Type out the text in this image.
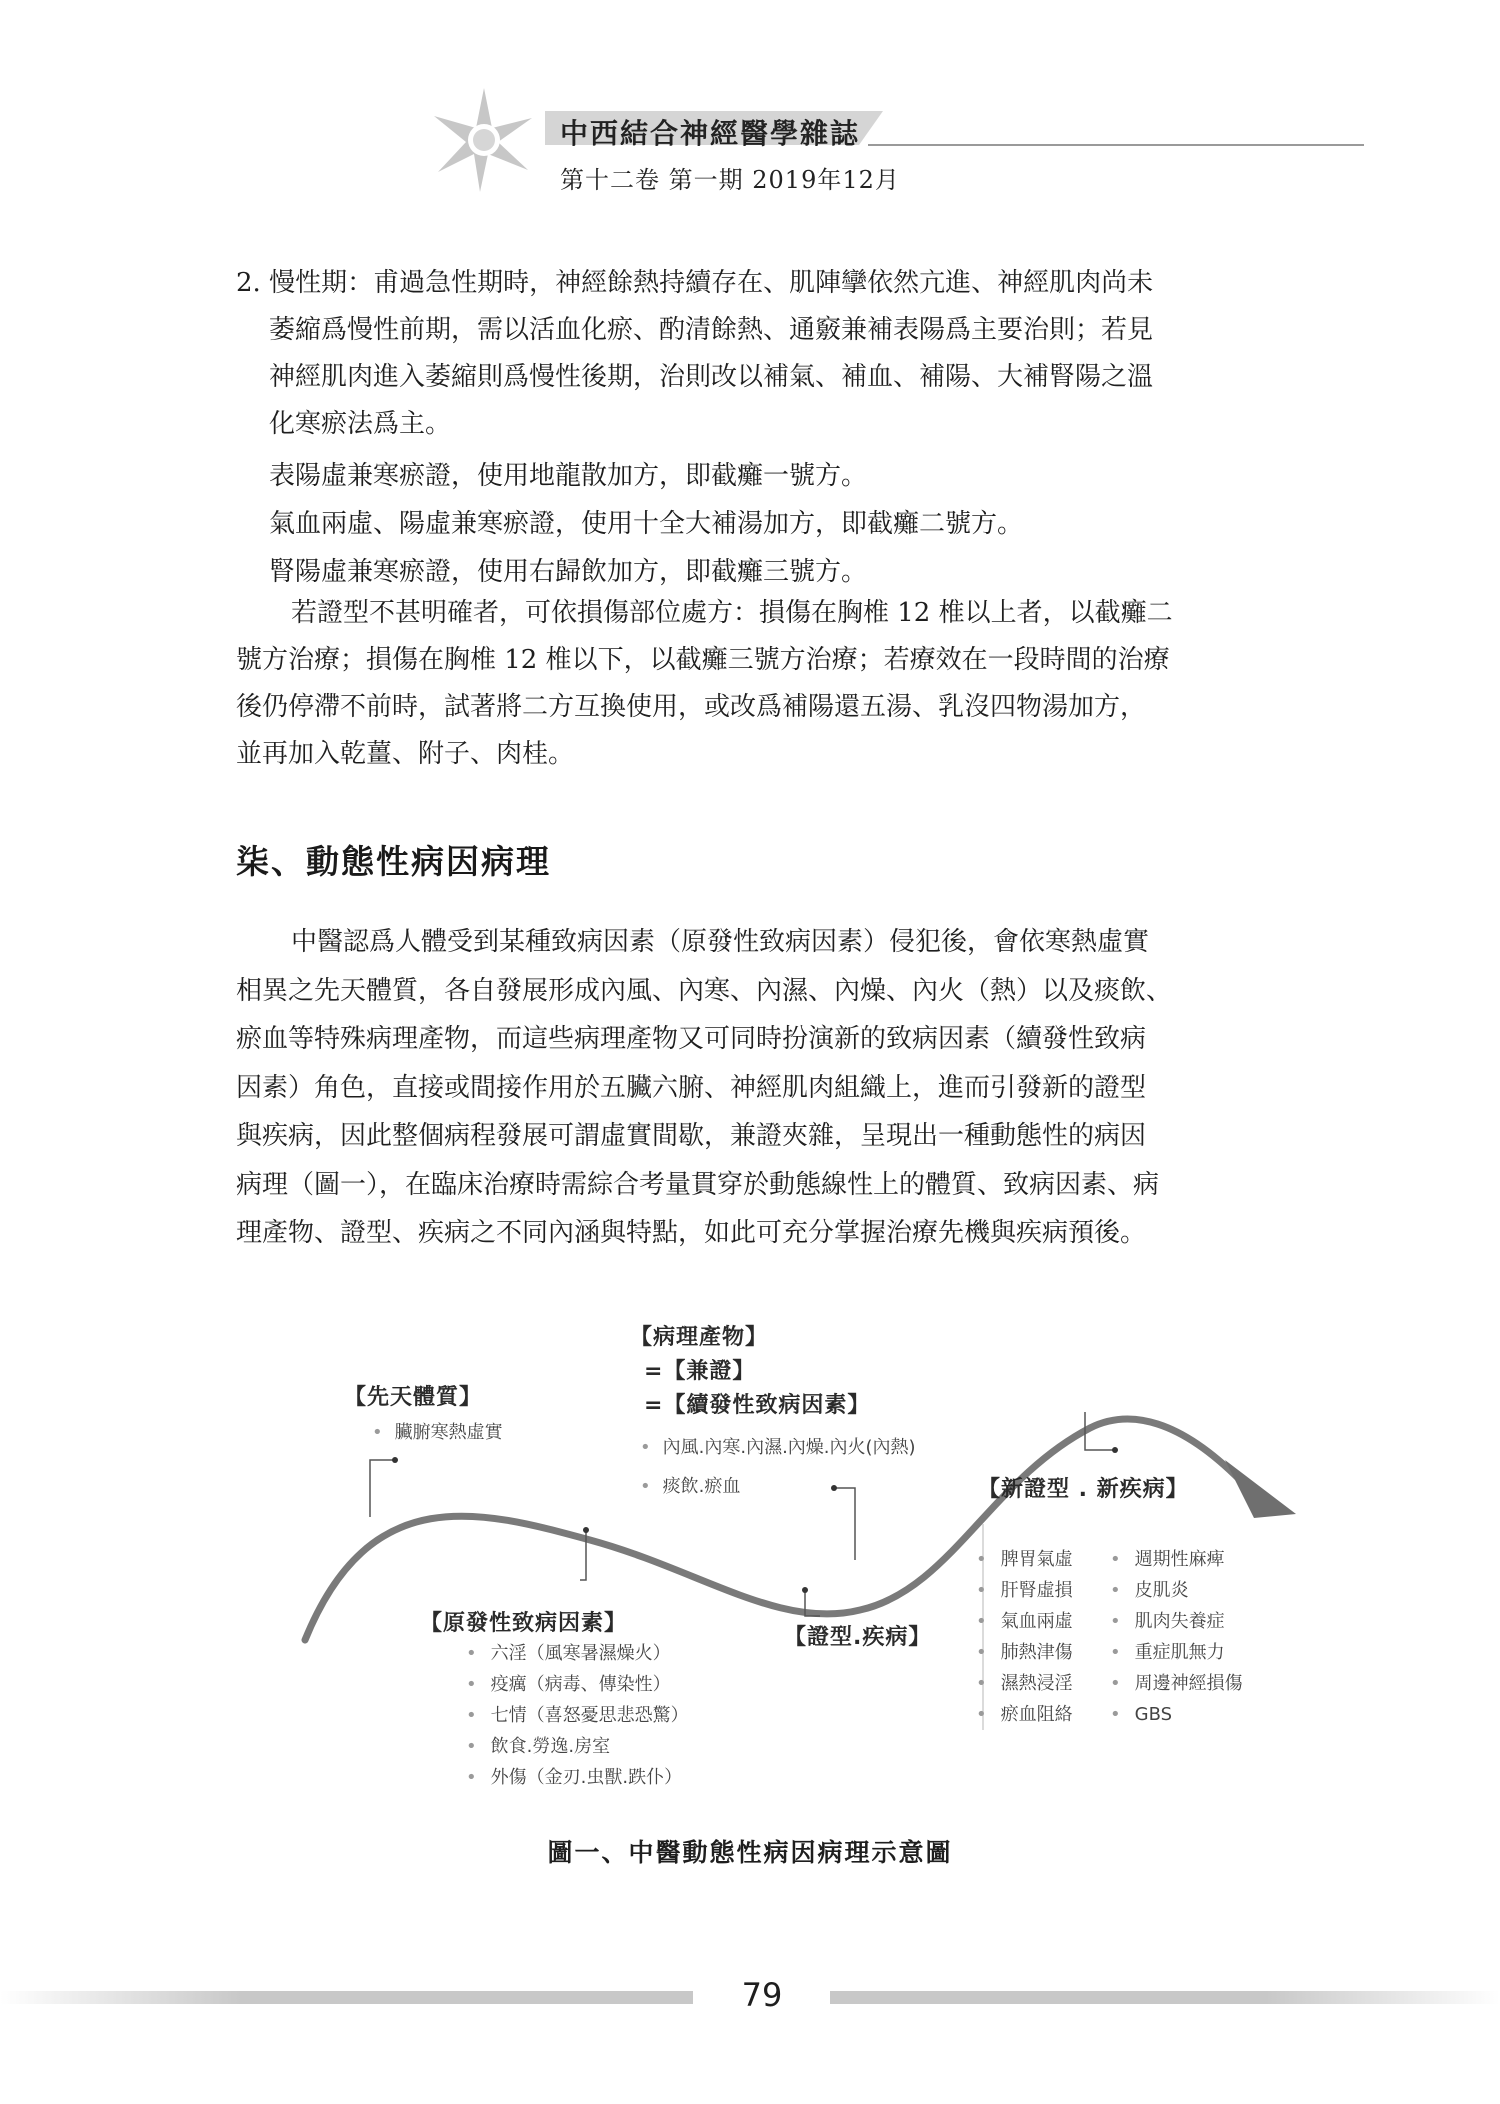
中西結合神經醫學雜誌
第十二卷 第一期 2019年12月
2. 慢性期：甫過急性期時，神經餘熱持續存在、肌陣攣依然亢進、神經肌肉尚未
萎縮爲慢性前期，需以活血化瘀、酌清餘熱、通竅兼補表陽爲主要治則；若見
神經肌肉進入萎縮則爲慢性後期，治則改以補氣、補血、補陽、大補腎陽之溫
化寒瘀法爲主。
表陽虛兼寒瘀證，使用地龍散加方，即截癱一號方。
氣血兩虛、陽虛兼寒瘀證，使用十全大補湯加方，即截癱二號方。
腎陽虛兼寒瘀證，使用右歸飲加方，即截癱三號方。
若證型不甚明確者，可依損傷部位處方：損傷在胸椎 12 椎以上者，以截癱二
號方治療；損傷在胸椎 12 椎以下，以截癱三號方治療；若療效在一段時間的治療
後仍停滯不前時，試著將二方互換使用，或改爲補陽還五湯、乳沒四物湯加方，
並再加入乾薑、附子、肉桂。
柒、動態性病因病理
中醫認爲人體受到某種致病因素（原發性致病因素）侵犯後，會依寒熱虛實
相異之先天體質，各自發展形成內風、內寒、內濕、內燥、內火（熱）以及痰飲、
瘀血等特殊病理產物，而這些病理產物又可同時扮演新的致病因素（續發性致病
因素）角色，直接或間接作用於五臟六腑、神經肌肉組織上，進而引發新的證型
與疾病，因此整個病程發展可謂虛實間歇，兼證夾雜，呈現出一種動態性的病因
病理（圖一），在臨床治療時需綜合考量貫穿於動態線性上的體質、致病因素、病
理產物、證型、疾病之不同內涵與特點，如此可充分掌握治療先機與疾病預後。
【先天體質】
• 臟腑寒熱虛實
【病理產物】
=【兼證】
=【續發性致病因素】
• 內風.內寒.內濕.內燥.內火(內熱)
• 痰飲.瘀血
【原發性致病因素】
• 六淫（風寒暑濕燥火）
• 疫癘（病毒、傳染性）
• 七情（喜怒憂思悲恐驚）
• 飲食.勞逸.房室
• 外傷（金刃.虫獸.跌仆）
【證型.疾病】
【新證型 . 新疾病】
• 脾胃氣虛
• 肝腎虛損
• 氣血兩虛
• 肺熱津傷
• 濕熱浸淫
• 瘀血阻絡
• 週期性麻痺
• 皮肌炎
• 肌肉失養症
• 重症肌無力
• 周邊神經損傷
• GBS
圖一、中醫動態性病因病理示意圖
79
